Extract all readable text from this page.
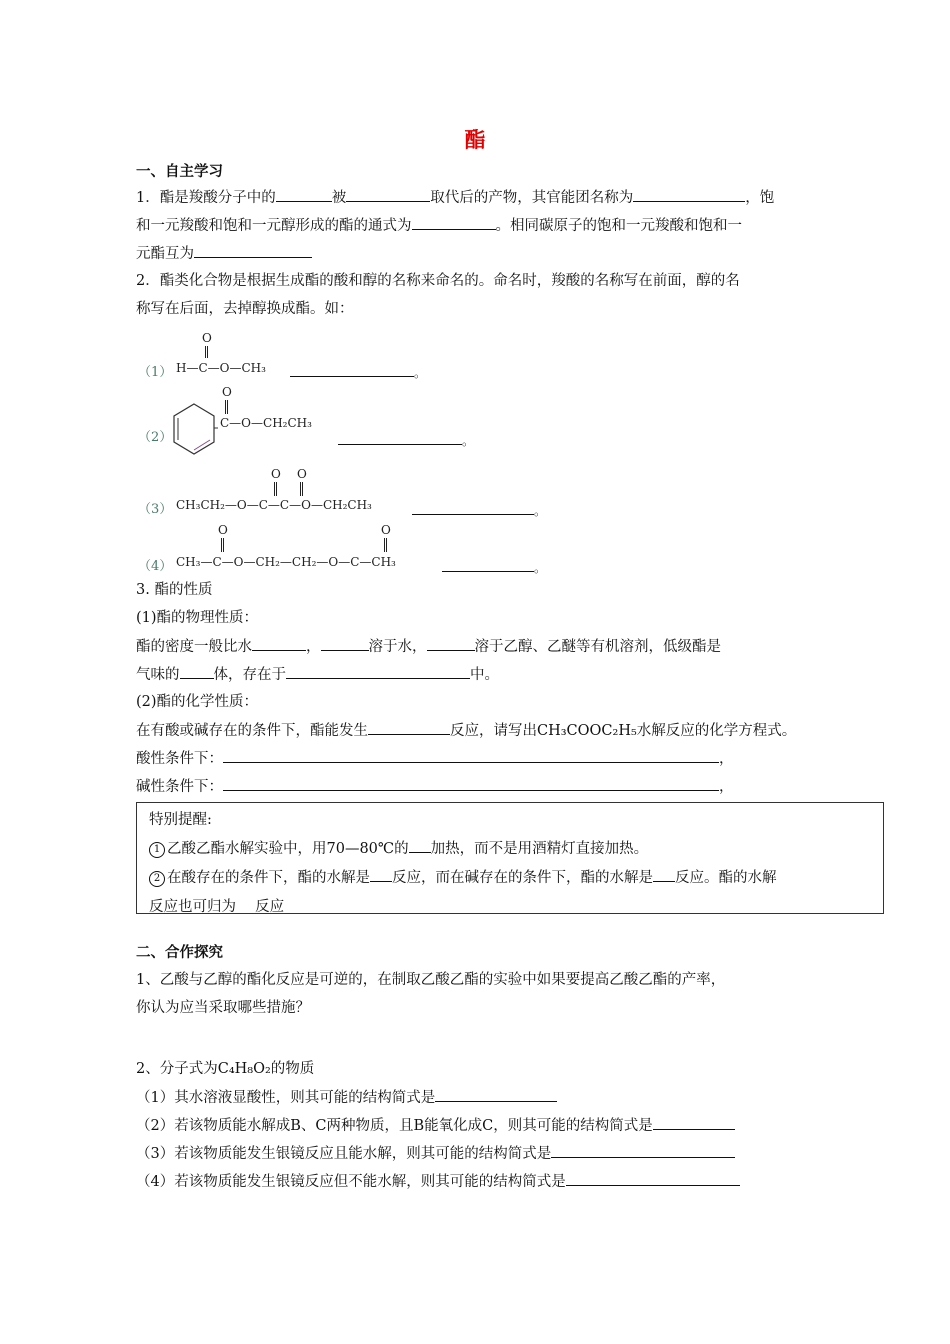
酯
一、自主学习
1．酯是羧酸分子中的	被	取代后的产物，其官能团名称为	，饱
和一元羧酸和饱和一元醇形成的酯的通式为	。相同碳原子的饱和一元羧酸和饱和一
元酯互为
2．酯类化合物是根据生成酯的酸和醇的名称来命名的。命名时，羧酸的名称写在前面，醇的名
称写在后面，去掉醇换成酯。如：
O
（1） H—C—O—CH₃	。
O
（2）
C—O—CH₂CH₃
。
O O
（3） CH₃CH₂—O—C—C—O—CH₂CH₃	。
O	O
（4） CH₃—C—O—CH₂—CH₂—O—C—CH₃	。
3. 酯的性质
(1)酯的物理性质：
酯的密度一般比水	，	溶于水，	溶于乙醇、乙醚等有机溶剂，低级酯是
气味的 体，存在于	中。
(2)酯的化学性质：
在有酸或碱存在的条件下，酯能发生	反应，请写出CH₃COOC₂H₅水解反应的化学方程式。
酸性条件下：	，
碱性条件下：	，
特别提醒:
1 乙酸乙酯水解实验中，用70—80℃的 加热，而不是用酒精灯直接加热。
2 在酸存在的条件下，酯的水解是 反应，而在碱存在的条件下，酯的水解是 反应。酯的水解
反应也可归为　 反应
二、合作探究
1、乙酸与乙醇的酯化反应是可逆的，在制取乙酸乙酯的实验中如果要提高乙酸乙酯的产率，
你认为应当采取哪些措施？
2、分子式为C₄H₈O₂的物质
（1）其水溶液显酸性，则其可能的结构简式是
（2）若该物质能水解成B、C两种物质，且B能氧化成C，则其可能的结构简式是
（3）若该物质能发生银镜反应且能水解，则其可能的结构简式是
（4）若该物质能发生银镜反应但不能水解，则其可能的结构简式是
